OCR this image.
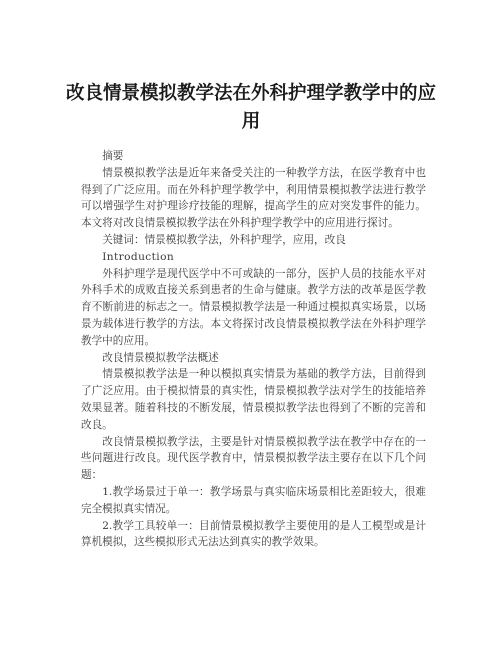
改良情景模拟教学法在外科护理学教学中的应用

摘要

情景模拟教学法是近年来备受关注的一种教学方法，在医学教育中也得到了广泛应用。而在外科护理学教学中，利用情景模拟教学法进行教学可以增强学生对护理诊疗技能的理解，提高学生的应对突发事件的能力。本文将对改良情景模拟教学法在外科护理学教学中的应用进行探讨。

关键词：情景模拟教学法，外科护理学，应用，改良

Introduction

外科护理学是现代医学中不可或缺的一部分，医护人员的技能水平对外科手术的成败直接关系到患者的生命与健康。教学方法的改革是医学教育不断前进的标志之一。情景模拟教学法是一种通过模拟真实场景，以场景为载体进行教学的方法。本文将探讨改良情景模拟教学法在外科护理学教学中的应用。

改良情景模拟教学法概述

情景模拟教学法是一种以模拟真实情景为基础的教学方法，目前得到了广泛应用。由于模拟情景的真实性，情景模拟教学法对学生的技能培养效果显著。随着科技的不断发展，情景模拟教学法也得到了不断的完善和改良。

改良情景模拟教学法，主要是针对情景模拟教学法在教学中存在的一些问题进行改良。现代医学教育中，情景模拟教学法主要存在以下几个问题：

1.教学场景过于单一：教学场景与真实临床场景相比差距较大，很难完全模拟真实情况。

2.教学工具较单一：目前情景模拟教学主要使用的是人工模型或是计算机模拟，这些模拟形式无法达到真实的教学效果。
